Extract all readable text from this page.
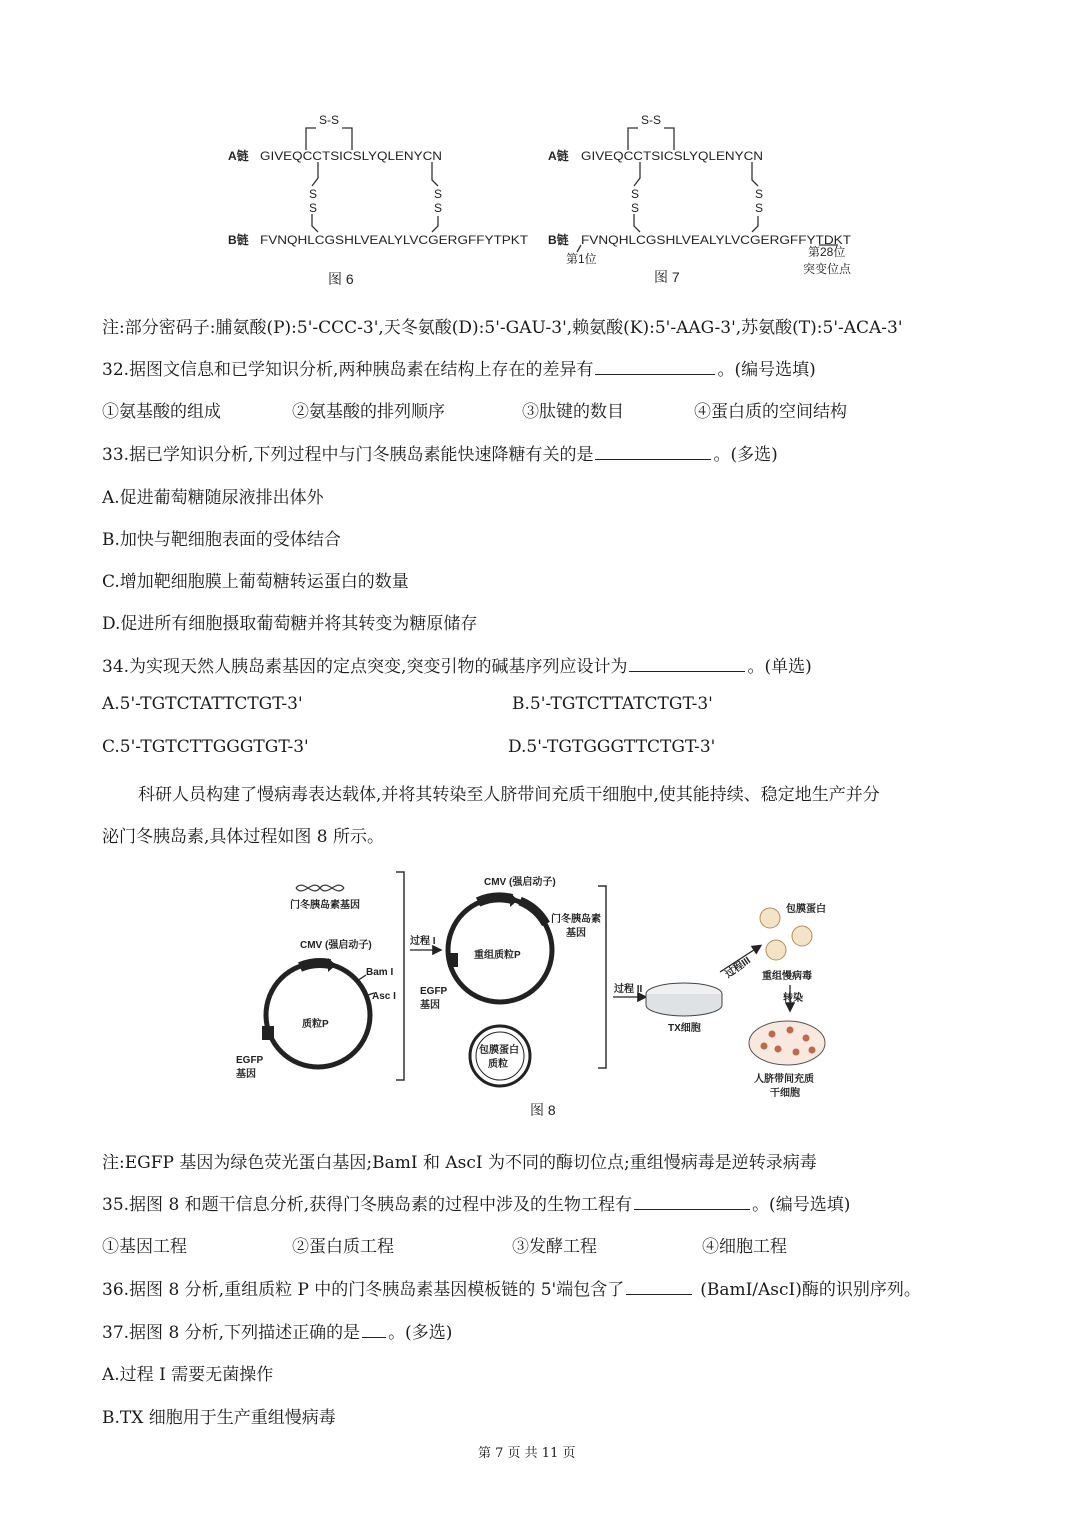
S-S
A链 GIVEQCCTSICSLYQLENYCN
S
S
S
S
B链 FVNQHLCGSHLVEALYLVCGERGFFYTPKT
S-S
A链 GIVEQCCTSICSLYQLENYCN
S
S
S
S
B链 FVNQHLCGSHLVEALYLVCGERGFFYTDKT
第1位	第28位
突变位点
图 6	图 7
注:部分密码子:脯氨酸(P):5'-CCC-3',天冬氨酸(D):5'-GAU-3',赖氨酸(K):5'-AAG-3',苏氨酸(T):5'-ACA-3'
32.据图文信息和已学知识分析,两种胰岛素在结构上存在的差异有	。(编号选填)
①氨基酸的组成	②氨基酸的排列顺序	③肽键的数目	④蛋白质的空间结构
33.据已学知识分析,下列过程中与门冬胰岛素能快速降糖有关的是	。(多选)
A.促进葡萄糖随尿液排出体外
B.加快与靶细胞表面的受体结合
C.增加靶细胞膜上葡萄糖转运蛋白的数量
D.促进所有细胞摄取葡萄糖并将其转变为糖原储存
34.为实现天然人胰岛素基因的定点突变,突变引物的碱基序列应设计为	。(单选)
A.5'-TGTCTATTCTGT-3'	B.5'-TGTCTTATCTGT-3'
C.5'-TGTCTTGGGTGT-3'	D.5'-TGTGGGTTCTGT-3'
科研人员构建了慢病毒表达载体,并将其转染至人脐带间充质干细胞中,使其能持续、稳定地生产并分
泌门冬胰岛素,具体过程如图 8 所示。
门冬胰岛素基因
CMV (强启动子)
Bam I
Asc I
质粒P
EGFP
基因
过程 I
CMV (强启动子)
重组质粒P
门冬胰岛素
基因
EGFP
基因
包膜蛋白
质粒
过程 II
TX细胞
过程III
包膜蛋白
重组慢病毒
转染
人脐带间充质
干细胞
图 8
注:EGFP 基因为绿色荧光蛋白基因;BamI 和 AscI 为不同的酶切位点;重组慢病毒是逆转录病毒
35.据图 8 和题干信息分析,获得门冬胰岛素的过程中涉及的生物工程有	。(编号选填)
①基因工程	②蛋白质工程	③发酵工程	④细胞工程
36.据图 8 分析,重组质粒 P 中的门冬胰岛素基因模板链的 5'端包含了	(BamI/AscI)酶的识别序列。
37.据图 8 分析,下列描述正确的是 。(多选)
A.过程 I 需要无菌操作
B.TX 细胞用于生产重组慢病毒
第 7 页 共 11 页
